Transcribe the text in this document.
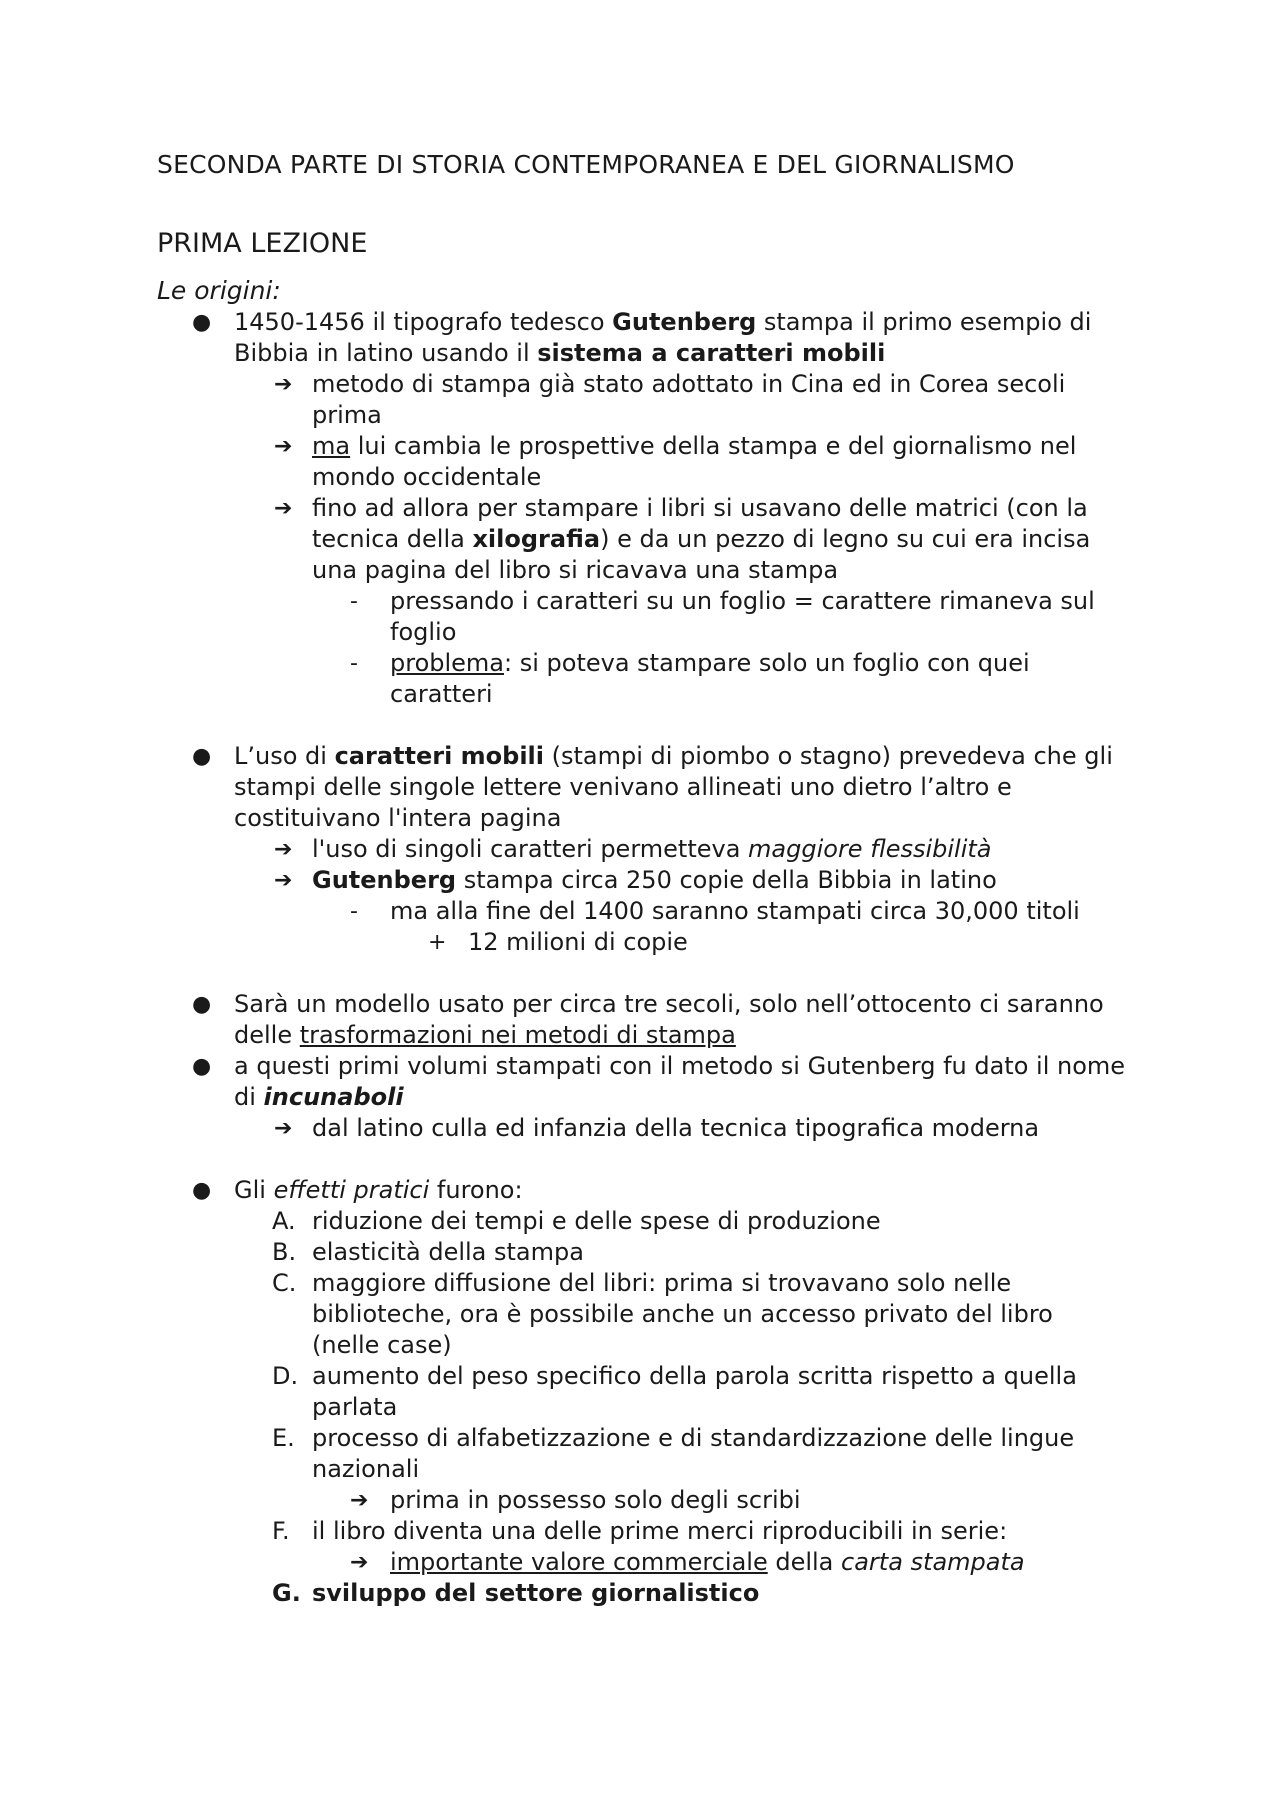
SECONDA PARTE DI STORIA CONTEMPORANEA E DEL GIORNALISMO
PRIMA LEZIONE
Le origini:
● 1450-1456 il tipografo tedesco Gutenberg stampa il primo esempio di Bibbia in latino usando il sistema a caratteri mobili
➔ metodo di stampa già stato adottato in Cina ed in Corea secoli prima
➔ ma lui cambia le prospettive della stampa e del giornalismo nel mondo occidentale
➔ fino ad allora per stampare i libri si usavano delle matrici (con la tecnica della xilografia) e da un pezzo di legno su cui era incisa una pagina del libro si ricavava una stampa
- pressando i caratteri su un foglio = carattere rimaneva sul foglio
- problema: si poteva stampare solo un foglio con quei caratteri
● L’uso di caratteri mobili (stampi di piombo o stagno) prevedeva che gli stampi delle singole lettere venivano allineati uno dietro l’altro e costituivano l'intera pagina
➔ l'uso di singoli caratteri permetteva maggiore flessibilità
➔ Gutenberg stampa circa 250 copie della Bibbia in latino
- ma alla fine del 1400 saranno stampati circa 30,000 titoli
+ 12 milioni di copie
● Sarà un modello usato per circa tre secoli, solo nell’ottocento ci saranno delle trasformazioni nei metodi di stampa
● a questi primi volumi stampati con il metodo si Gutenberg fu dato il nome di incunaboli
➔ dal latino culla ed infanzia della tecnica tipografica moderna
● Gli effetti pratici furono:
A. riduzione dei tempi e delle spese di produzione
B. elasticità della stampa
C. maggiore diffusione del libri: prima si trovavano solo nelle biblioteche, ora è possibile anche un accesso privato del libro (nelle case)
D. aumento del peso specifico della parola scritta rispetto a quella parlata
E. processo di alfabetizzazione e di standardizzazione delle lingue nazionali
➔ prima in possesso solo degli scribi
F. il libro diventa una delle prime merci riproducibili in serie:
➔ importante valore commerciale della carta stampata
G. sviluppo del settore giornalistico
